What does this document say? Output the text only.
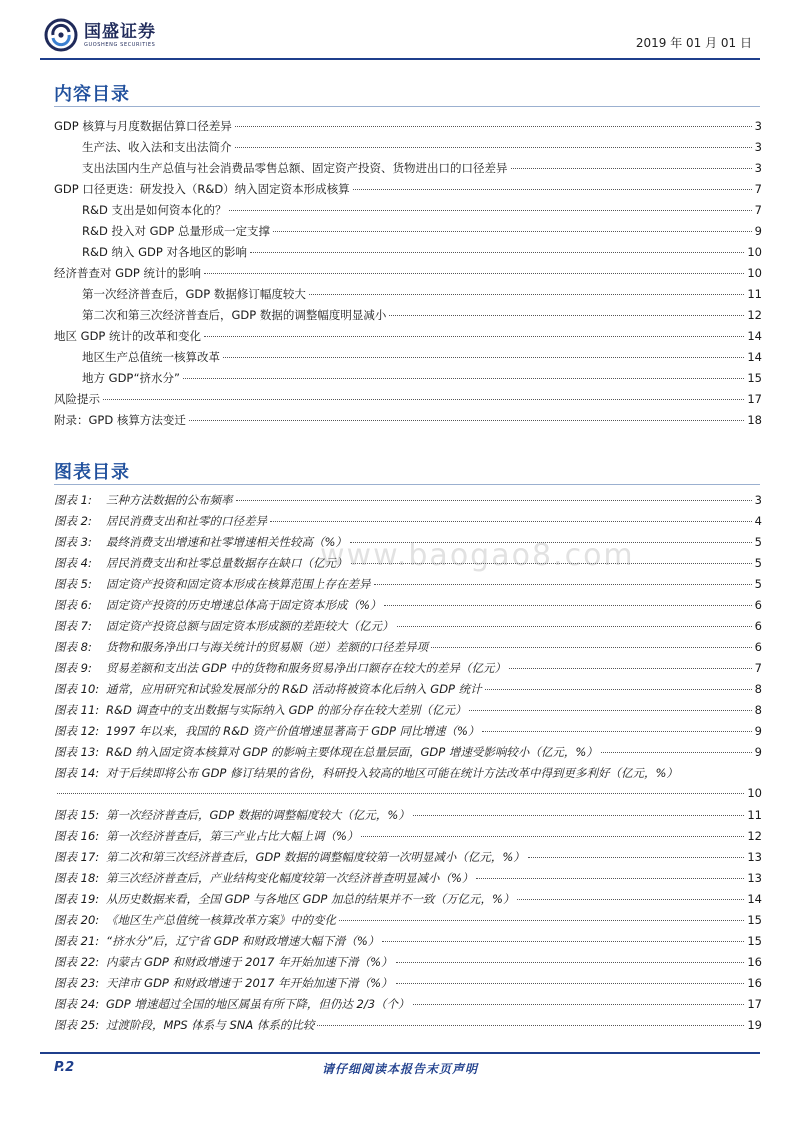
国盛证券
GUOSHENG SECURITIES	2019 年 01 月 01 日
内容目录
GDP 核算与月度数据估算口径差异	3
生产法、收入法和支出法简介	3
支出法国内生产总值与社会消费品零售总额、固定资产投资、货物进出口的口径差异	3
GDP 口径更迭：研发投入（R&D）纳入固定资本形成核算	7
R&D 支出是如何资本化的？	7
R&D 投入对 GDP 总量形成一定支撑	9
R&D 纳入 GDP 对各地区的影响	10
经济普查对 GDP 统计的影响	10
第一次经济普查后，GDP 数据修订幅度较大	11
第二次和第三次经济普查后，GDP 数据的调整幅度明显减小	12
地区 GDP 统计的改革和变化	14
地区生产总值统一核算改革	14
地方 GDP“挤水分”	15
风险提示	17
附录：GPD 核算方法变迁	18
图表目录
图表 1: 三种方法数据的公布频率	3
图表 2: 居民消费支出和社零的口径差异	4
图表 3: 最终消费支出增速和社零增速相关性较高（%）	5
图表 4: 居民消费支出和社零总量数据存在缺口（亿元）	5
图表 5: 固定资产投资和固定资本形成在核算范围上存在差异	5
图表 6: 固定资产投资的历史增速总体高于固定资本形成（%）	6
图表 7: 固定资产投资总额与固定资本形成额的差距较大（亿元）	6
图表 8: 货物和服务净出口与海关统计的贸易顺（逆）差额的口径差异项	6
图表 9: 贸易差额和支出法 GDP 中的货物和服务贸易净出口额存在较大的差异（亿元）	7
图表 10: 通常，应用研究和试验发展部分的 R&D 活动将被资本化后纳入 GDP 统计	8
图表 11: R&D 调查中的支出数据与实际纳入 GDP 的部分存在较大差别（亿元）	8
图表 12: 1997 年以来，我国的 R&D 资产价值增速显著高于 GDP 同比增速（%）	9
图表 13: R&D 纳入固定资本核算对 GDP 的影响主要体现在总量层面，GDP 增速受影响较小（亿元，%）	9
图表 14: 对于后续即将公布 GDP 修订结果的省份，科研投入较高的地区可能在统计方法改革中得到更多利好（亿元，%）
10
图表 15: 第一次经济普查后，GDP 数据的调整幅度较大（亿元，%）	11
图表 16: 第一次经济普查后，第三产业占比大幅上调（%）	12
图表 17: 第二次和第三次经济普查后，GDP 数据的调整幅度较第一次明显减小（亿元，%）	13
图表 18: 第三次经济普查后，产业结构变化幅度较第一次经济普查明显减小（%）	13
图表 19: 从历史数据来看，全国 GDP 与各地区 GDP 加总的结果并不一致（万亿元，%）	14
图表 20: 《地区生产总值统一核算改革方案》中的变化	15
图表 21: “挤水分”后，辽宁省 GDP 和财政增速大幅下滑（%）	15
图表 22: 内蒙古 GDP 和财政增速于 2017 年开始加速下滑（%）	16
图表 23: 天津市 GDP 和财政增速于 2017 年开始加速下滑（%）	16
图表 24: GDP 增速超过全国的地区属虽有所下降，但仍达 2/3（个）	17
图表 25: 过渡阶段，MPS 体系与 SNA 体系的比较	19
www.baogao8.com
P.2	请仔细阅读本报告末页声明
